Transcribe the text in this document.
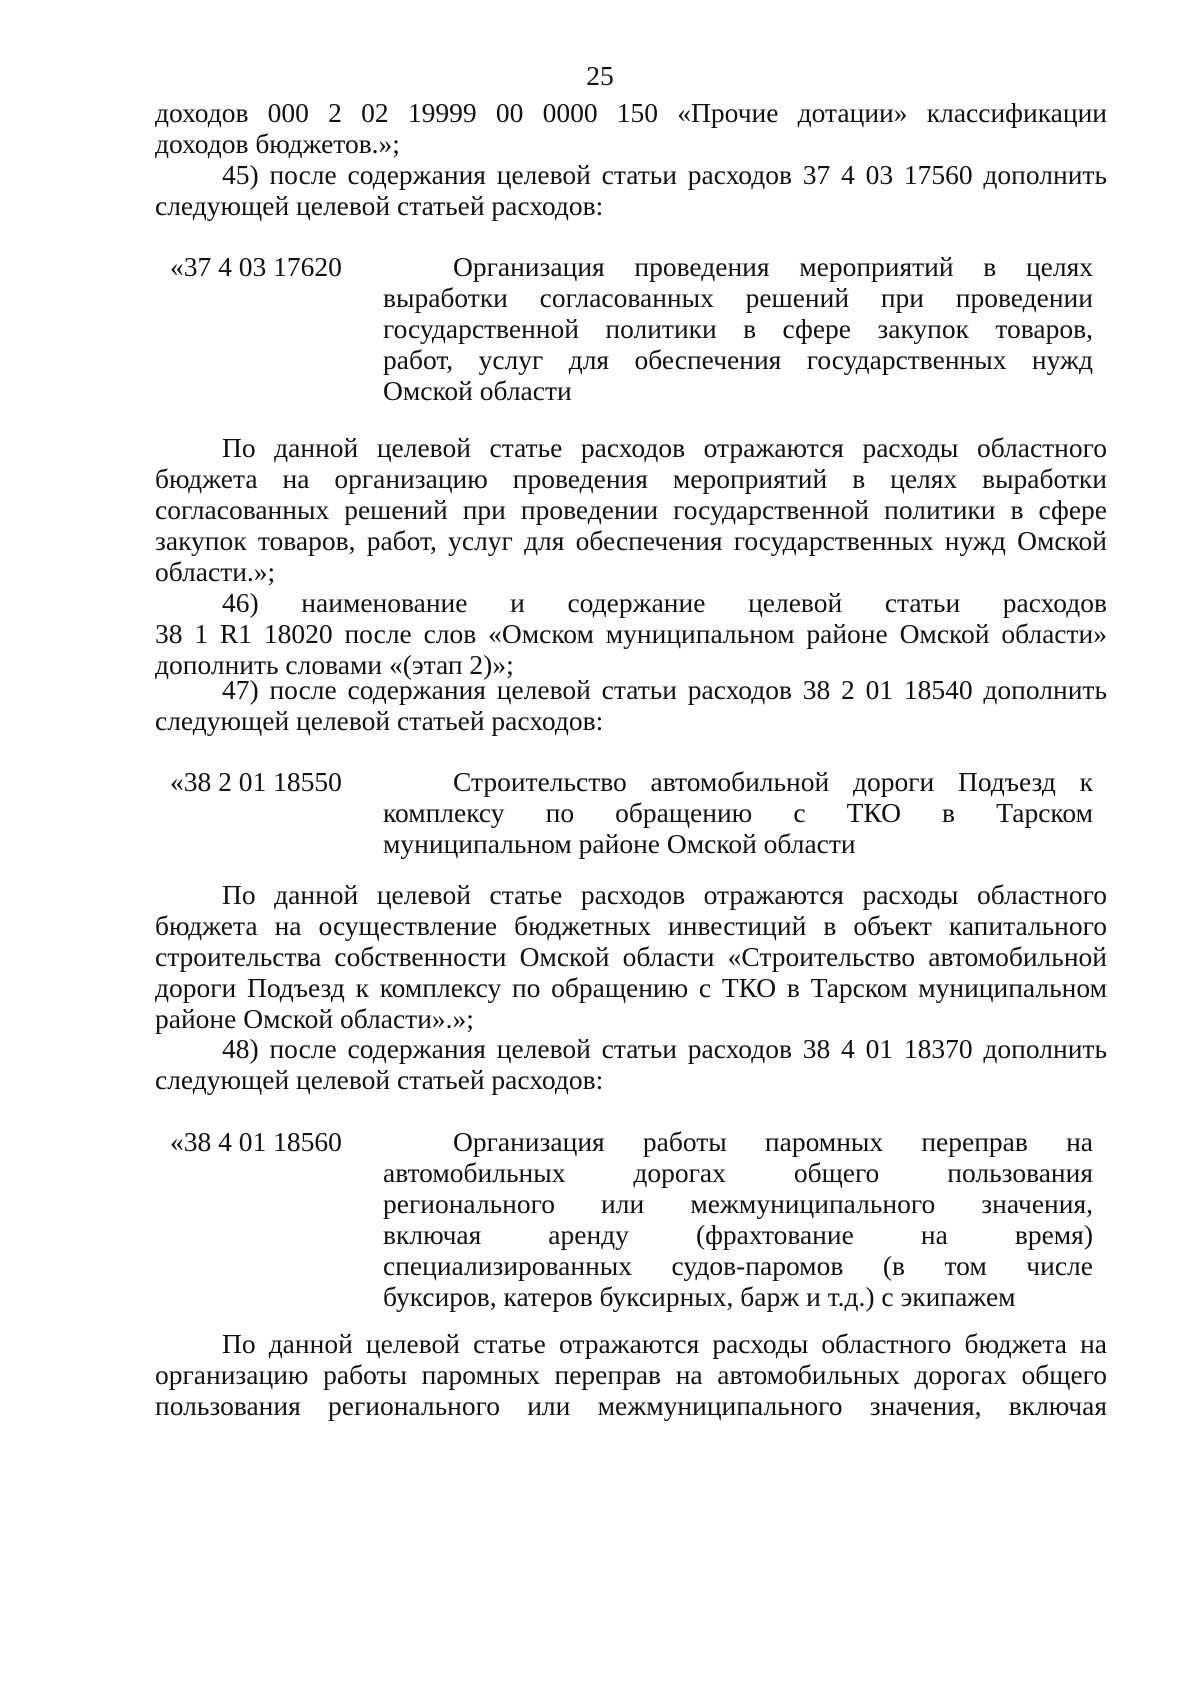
25
доходов 000 2 02 19999 00 0000 150 «Прочие дотации» классификации
доходов бюджетов.»;
45) после содержания целевой статьи расходов 37 4 03 17560 дополнить
следующей целевой статьей расходов:
«37 4 03 17620	Организация проведения мероприятий в целях
выработки согласованных решений при проведении
государственной политики в сфере закупок товаров,
работ, услуг для обеспечения государственных нужд
Омской области
По данной целевой статье расходов отражаются расходы областного
бюджета на организацию проведения мероприятий в целях выработки
согласованных решений при проведении государственной политики в сфере
закупок товаров, работ, услуг для обеспечения государственных нужд Омской
области.»;
46) наименование и содержание целевой статьи расходов
38 1 R1 18020 после слов «Омском муниципальном районе Омской области»
дополнить словами «(этап 2)»;
47) после содержания целевой статьи расходов 38 2 01 18540 дополнить
следующей целевой статьей расходов:
«38 2 01 18550	Строительство автомобильной дороги Подъезд к
комплексу по обращению с ТКО в Тарском
муниципальном районе Омской области
По данной целевой статье расходов отражаются расходы областного
бюджета на осуществление бюджетных инвестиций в объект капитального
строительства собственности Омской области «Строительство автомобильной
дороги Подъезд к комплексу по обращению с ТКО в Тарском муниципальном
районе Омской области».»;
48) после содержания целевой статьи расходов 38 4 01 18370 дополнить
следующей целевой статьей расходов:
«38 4 01 18560	Организация работы паромных переправ на
автомобильных дорогах общего пользования
регионального или межмуниципального значения,
включая аренду (фрахтование на время)
специализированных судов-паромов (в том числе
буксиров, катеров буксирных, барж и т.д.) с экипажем
По данной целевой статье отражаются расходы областного бюджета на
организацию работы паромных переправ на автомобильных дорогах общего
пользования регионального или межмуниципального значения, включая
